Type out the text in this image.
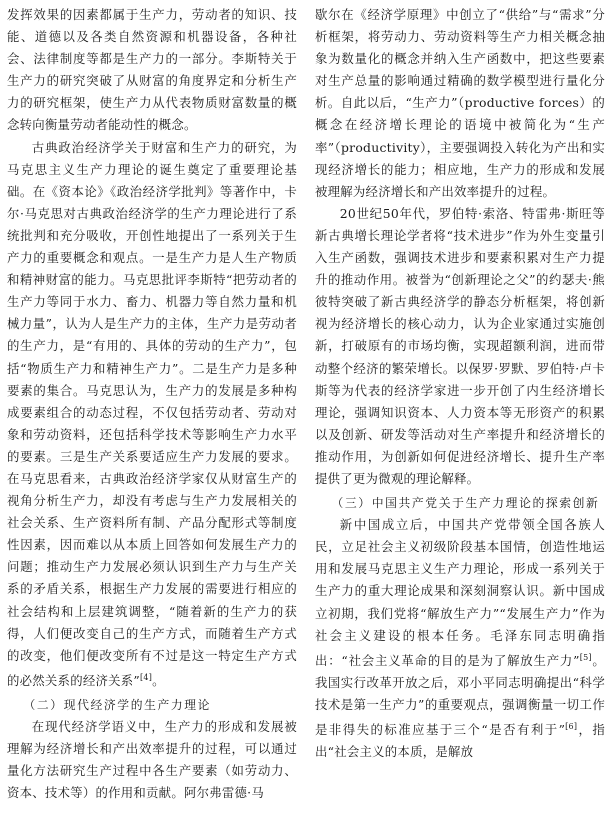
发挥效果的因素都属于生产力，劳动者的知识、技能、道德以及各类自然资源和机器设备，各种社会、法律制度等都是生产力的一部分。李斯特关于生产力的研究突破了从财富的角度界定和分析生产力的研究框架，使生产力从代表物质财富数量的概念转向衡量劳动者能动性的概念。

古典政治经济学关于财富和生产力的研究，为马克思主义生产力理论的诞生奠定了重要理论基础。在《资本论》《政治经济学批判》等著作中，卡尔·马克思对古典政治经济学的生产力理论进行了系统批判和充分吸收，开创性地提出了一系列关于生产力的重要概念和观点。一是生产力是人生产物质和精神财富的能力。马克思批评李斯特“把劳动者的生产力等同于水力、畜力、机器力等自然力量和机械力量”，认为人是生产力的主体，生产力是劳动者的生产力，是“有用的、具体的劳动的生产力”，包括“物质生产力和精神生产力”。二是生产力是多种要素的集合。马克思认为，生产力的发展是多种构成要素组合的动态过程，不仅包括劳动者、劳动对象和劳动资料，还包括科学技术等影响生产力水平的要素。三是生产关系要适应生产力发展的要求。在马克思看来，古典政治经济学家仅从财富生产的视角分析生产力，却没有考虑与生产力发展相关的社会关系、生产资料所有制、产品分配形式等制度性因素，因而难以从本质上回答如何发展生产力的问题；推动生产力发展必须认识到生产力与生产关系的矛盾关系，根据生产力发展的需要进行相应的社会结构和上层建筑调整，“随着新的生产力的获得，人们便改变自己的生产方式，而随着生产方式的改变，他们便改变所有不过是这一特定生产方式的必然关系的经济关系”[4]。

（二）现代经济学的生产力理论

在现代经济学语义中，生产力的形成和发展被理解为经济增长和产出效率提升的过程，可以通过量化方法研究生产过程中各生产要素（如劳动力、资本、技术等）的作用和贡献。阿尔弗雷德·马

歇尔在《经济学原理》中创立了“供给”与“需求”分析框架，将劳动力、劳动资料等生产力相关概念抽象为数量化的概念并纳入生产函数中，把这些要素对生产总量的影响通过精确的数学模型进行量化分析。自此以后，“生产力”（productive forces）的概念在经济增长理论的语境中被简化为“生产率”（productivity），主要强调投入转化为产出和实现经济增长的能力；相应地，生产力的形成和发展被理解为经济增长和产出效率提升的过程。

20世纪50年代，罗伯特·索洛、特雷弗·斯旺等新古典增长理论学者将“技术进步”作为外生变量引入生产函数，强调技术进步和要素积累对生产力提升的推动作用。被誉为“创新理论之父”的约瑟夫·熊彼特突破了新古典经济学的静态分析框架，将创新视为经济增长的核心动力，认为企业家通过实施创新，打破原有的市场均衡，实现超额利润，进而带动整个经济的繁荣增长。以保罗·罗默、罗伯特·卢卡斯等为代表的经济学家进一步开创了内生经济增长理论，强调知识资本、人力资本等无形资产的积累以及创新、研发等活动对生产率提升和经济增长的推动作用，为创新如何促进经济增长、提升生产率提供了更为微观的理论解释。

（三）中国共产党关于生产力理论的探索创新

新中国成立后，中国共产党带领全国各族人民，立足社会主义初级阶段基本国情，创造性地运用和发展马克思主义生产力理论，形成一系列关于生产力的重大理论成果和深刻洞察认识。新中国成立初期，我们党将“解放生产力”“发展生产力”作为社会主义建设的根本任务。毛泽东同志明确指出：“社会主义革命的目的是为了解放生产力”[5]。我国实行改革开放之后，邓小平同志明确提出“科学技术是第一生产力”的重要观点，强调衡量一切工作是非得失的标准应基于三个“是否有利于”[6]，指出“社会主义的本质，是解放
